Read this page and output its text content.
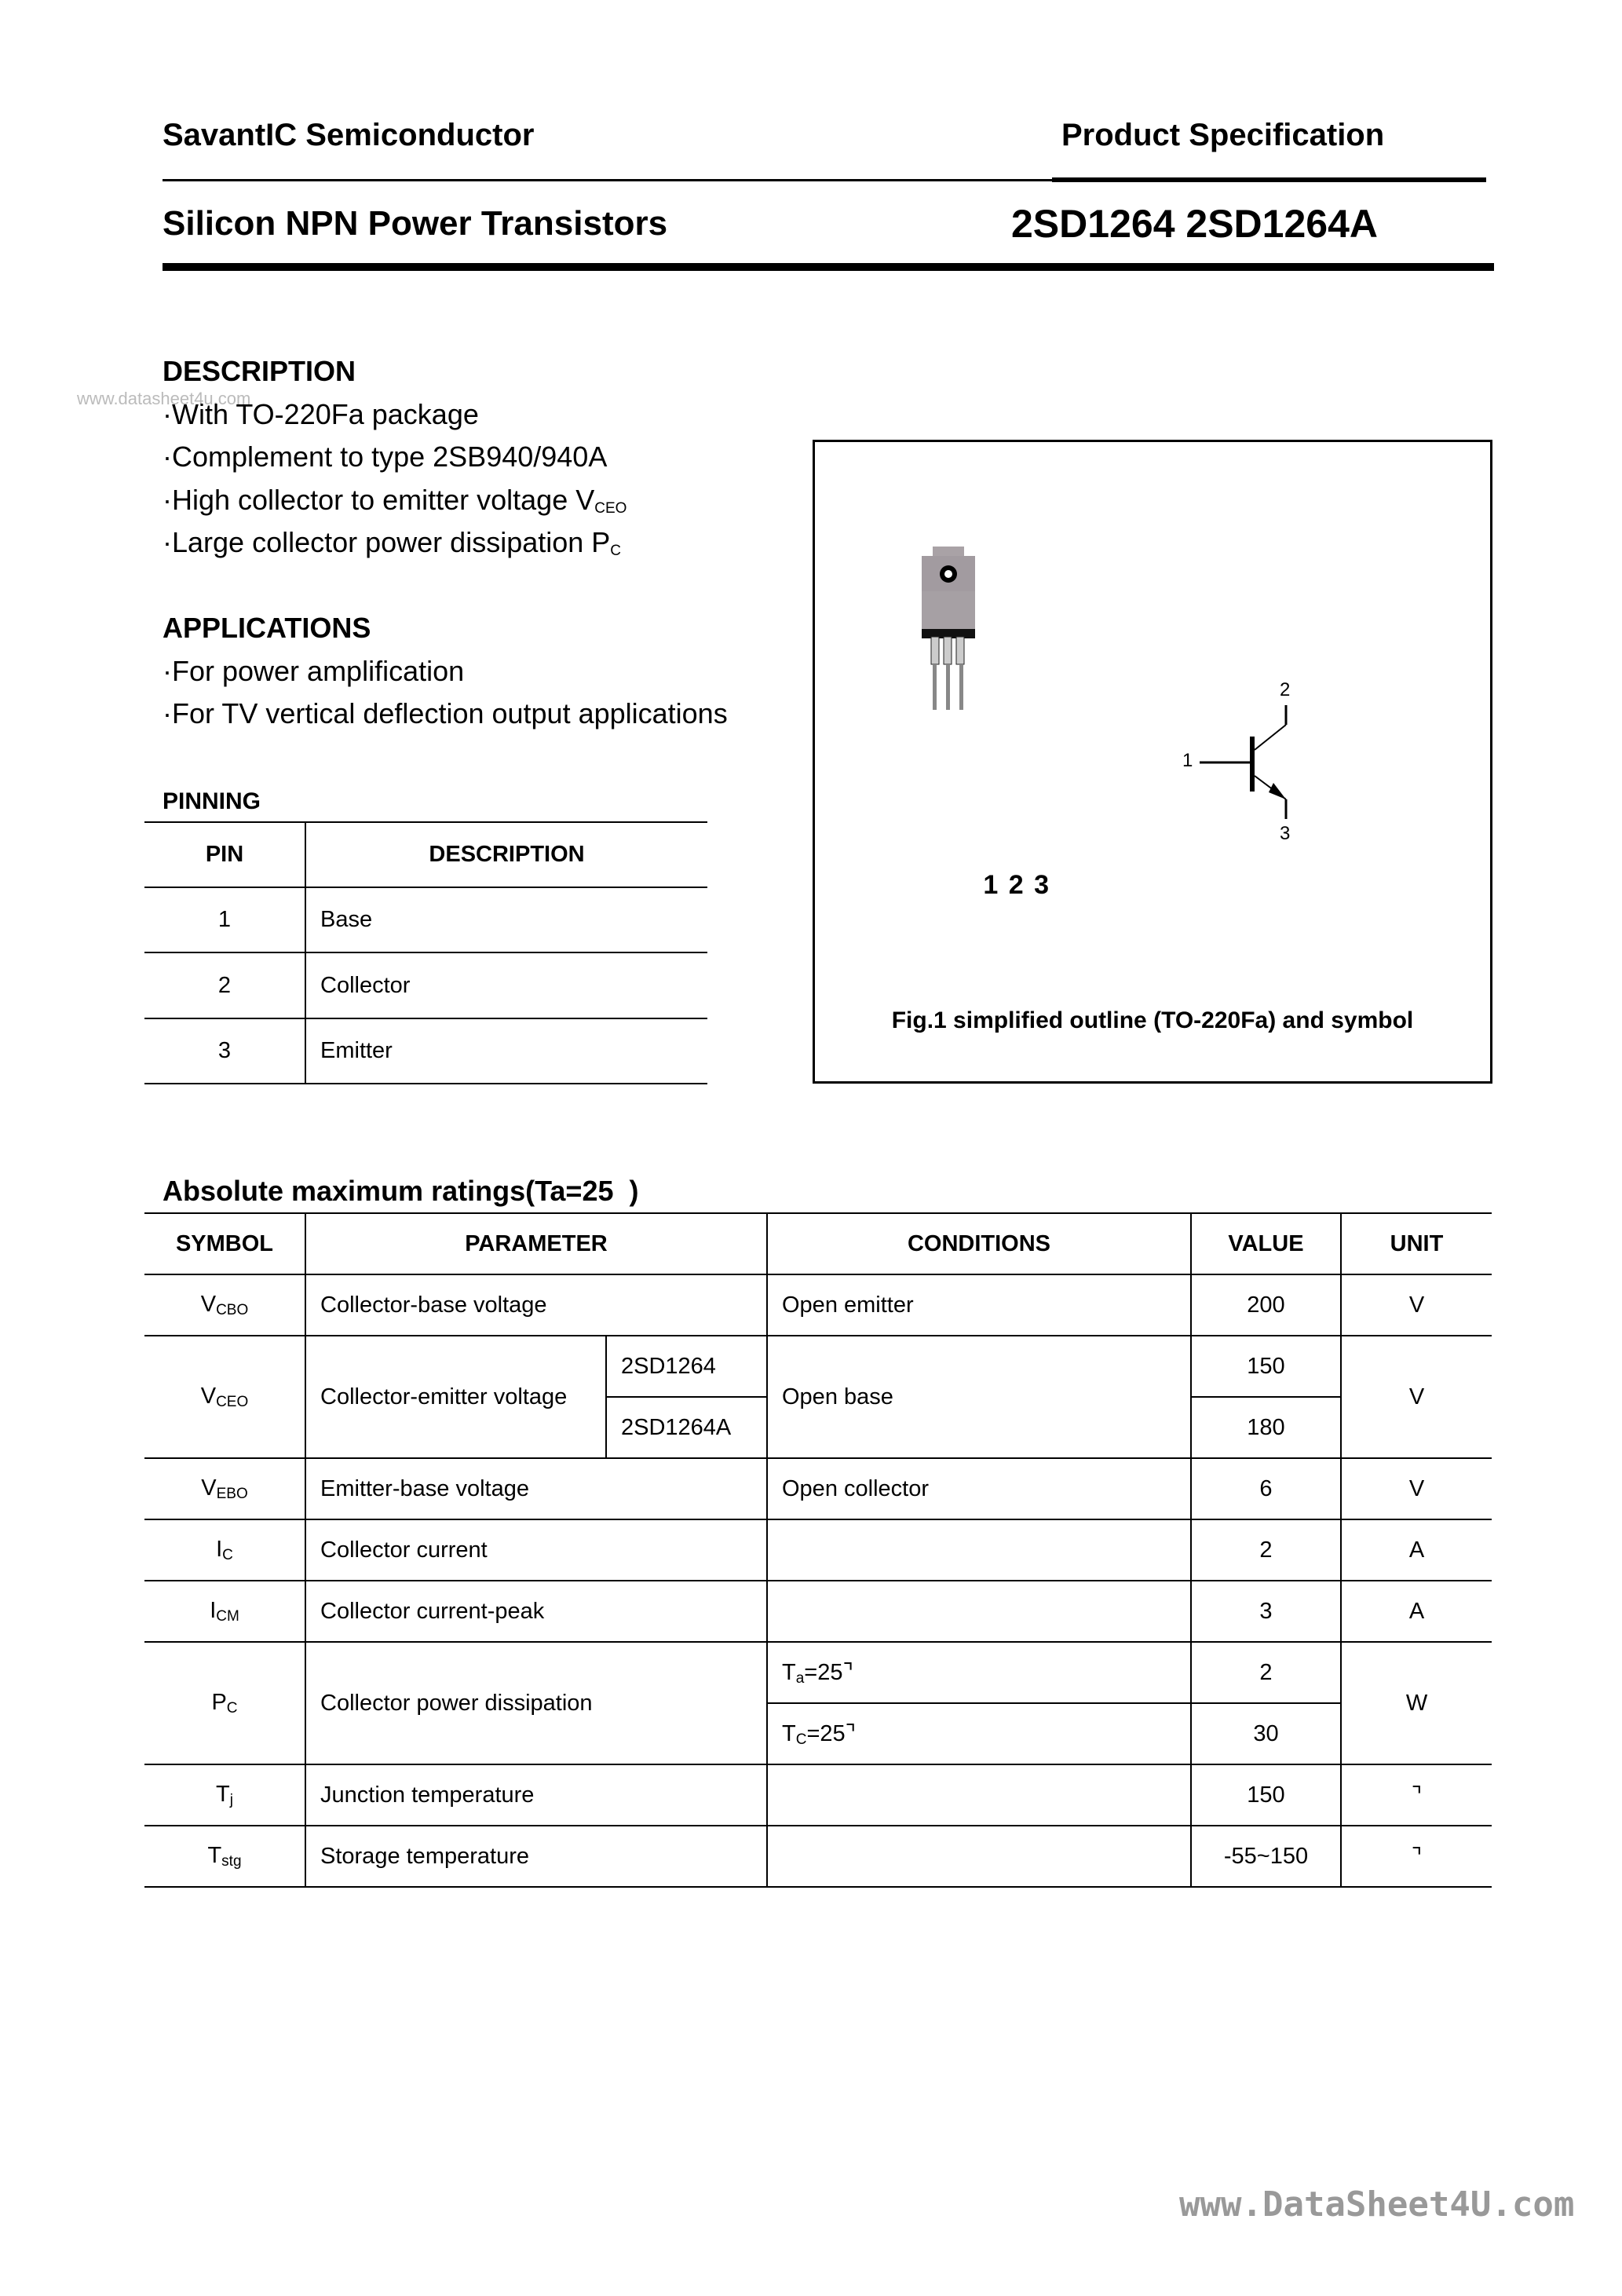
SavantIC Semiconductor	Product Specification
Silicon NPN Power Transistors	2SD1264 2SD1264A
www.datasheet4u.com
DESCRIPTION
·With TO-220Fa package
·Complement to type 2SB940/940A
·High collector to emitter voltage $V_{CEO}$
·Large collector power dissipation $P_C$
APPLICATIONS
·For power amplification
·For TV vertical deflection output applications
PINNING
PIN	DESCRIPTION
1	Base
2	Collector
3	Emitter
1 2 3
1
2
3
Fig.1 simplified outline (TO-220Fa) and symbol
Absolute maximum ratings(Ta=25  )
SYMBOL	PARAMETER		CONDITIONS	VALUE	UNIT
$V_{CBO}$	Collector-base voltage		Open emitter	200	V
$V_{CEO}$	Collector-emitter voltage	2SD1264	Open base	150	V
		2SD1264A		180	
$V_{EBO}$	Emitter-base voltage		Open collector	6	V
$I_C$	Collector current			2	A
$I_{CM}$	Collector current-peak			3	A
$P_C$	Collector power dissipation		$T_a=25⌝$	2	W
			$T_C=25⌝$	30	
$T_j$	Junction temperature			150	⌝
$T_{stg}$	Storage temperature			-55~150	⌝
www.DataSheet4U.com
